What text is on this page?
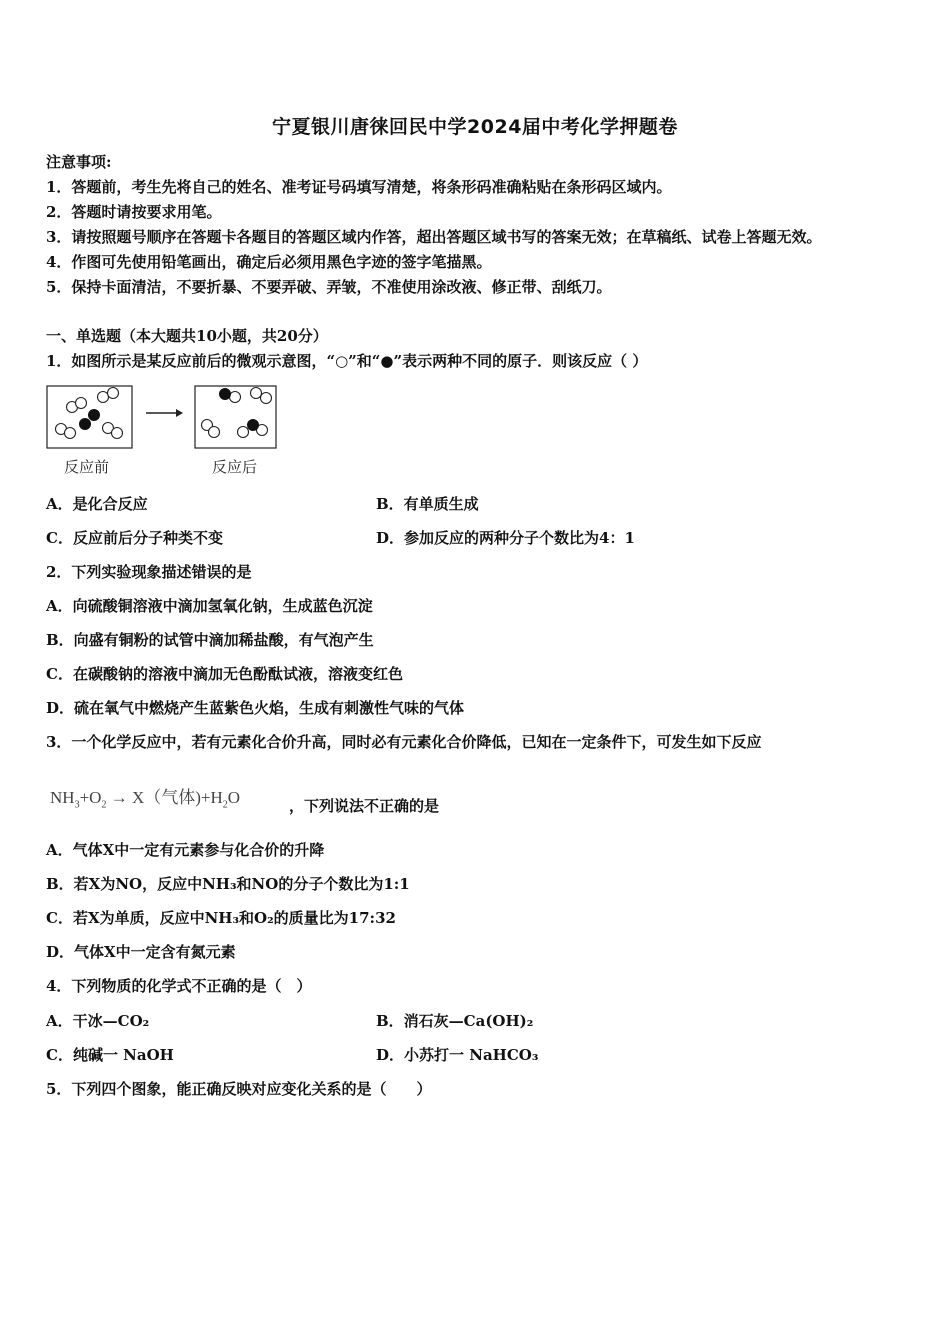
宁夏银川唐徕回民中学2024届中考化学押题卷
注意事项:
1．答题前，考生先将自己的姓名、准考证号码填写清楚，将条形码准确粘贴在条形码区域内。
2．答题时请按要求用笔。
3．请按照题号顺序在答题卡各题目的答题区域内作答，超出答题区域书写的答案无效；在草稿纸、试卷上答题无效。
4．作图可先使用铅笔画出，确定后必须用黑色字迹的签字笔描黑。
5．保持卡面清洁，不要折暴、不要弄破、弄皱，不准使用涂改液、修正带、刮纸刀。
一、单选题（本大题共10小题，共20分）
1．如图所示是某反应前后的微观示意图，“○”和“●”表示两种不同的原子．则该反应（ ）
反应前	反应后
A．是化合反应	B．有单质生成
C．反应前后分子种类不变	D．参加反应的两种分子个数比为4：1
2．下列实验现象描述错误的是
A．向硫酸铜溶液中滴加氢氧化钠，生成蓝色沉淀
B．向盛有铜粉的试管中滴加稀盐酸，有气泡产生
C．在碳酸钠的溶液中滴加无色酚酞试液，溶液变红色
D．硫在氧气中燃烧产生蓝紫色火焰，生成有刺激性气味的气体
3．一个化学反应中，若有元素化合价升高，同时必有元素化合价降低，已知在一定条件下，可发生如下反应
$NH_3+O_2 \to X$（气体)$+H_2O$	，下列说法不正确的是
A．气体X中一定有元素参与化合价的升降
B．若X为NO，反应中NH₃和NO的分子个数比为1:1
C．若X为单质，反应中NH₃和O₂的质量比为17:32
D．气体X中一定含有氮元素
4．下列物质的化学式不正确的是（　）
A．干冰—CO₂	B．消石灰—Ca(OH)₂
C．纯碱一 NaOH	D．小苏打一 NaHCO₃
5．下列四个图象，能正确反映对应变化关系的是（　　）
